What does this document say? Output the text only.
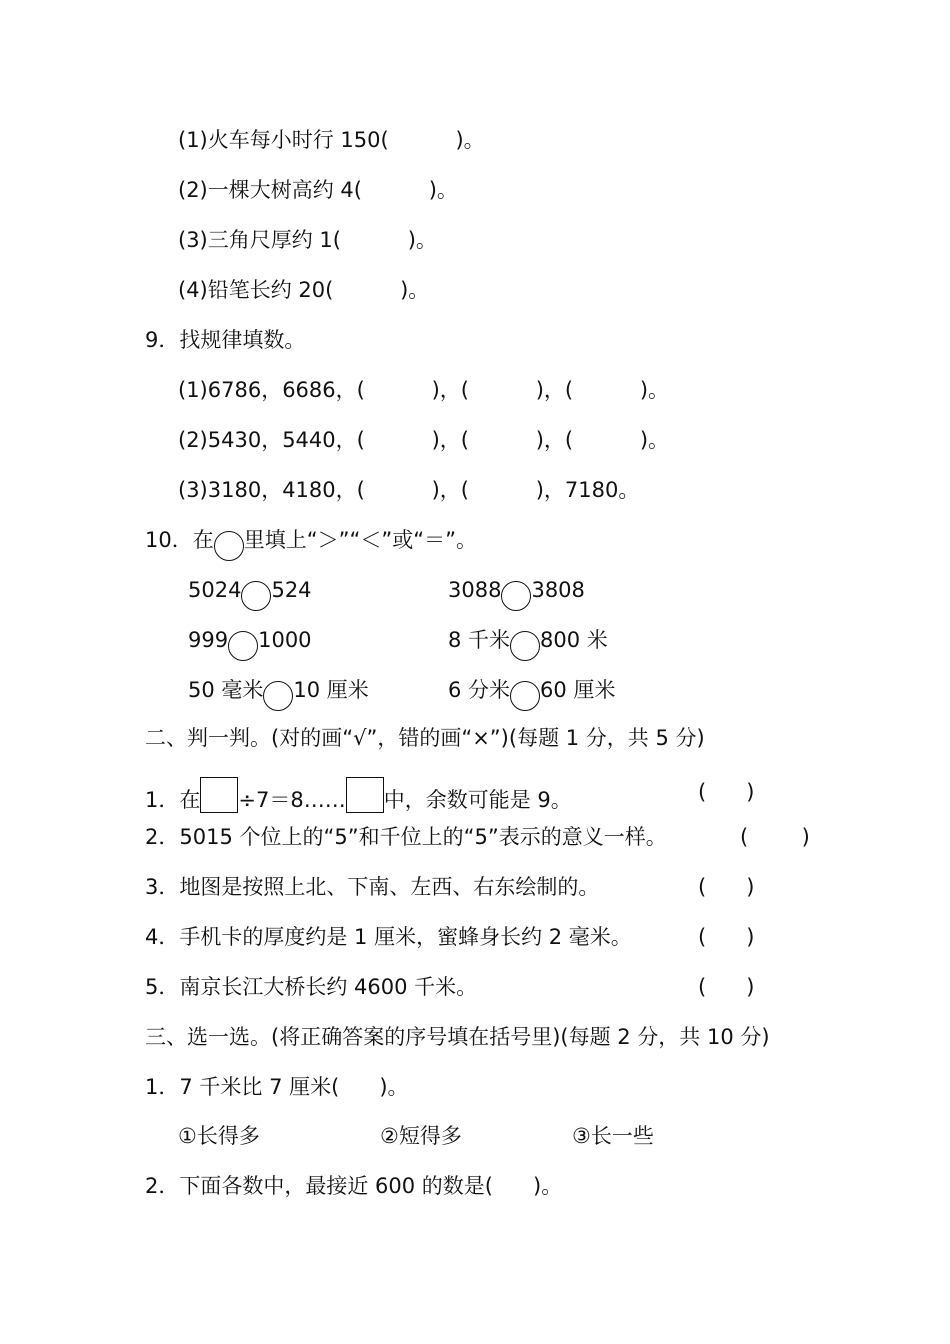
(1)火车每小时行 150(          )。
(2)一棵大树高约 4(          )。
(3)三角尺厚约 1(          )。
(4)铅笔长约 20(          )。
9．找规律填数。
(1)6786，6686，(          )，(          )，(          )。
(2)5430，5440，(          )，(          )，(          )。
(3)3180，4180，(          )，(          )，7180。
10．在 里填上“＞”“＜”或“＝”。
5024 524	3088 3808
999 1000	8 千米 800 米
50 毫米 10 厘米	6 分米 60 厘米
二、判一判。(对的画“√”，错的画“×”)(每题 1 分，共 5 分)
1．在 ÷7＝8…… 中，余数可能是 9。	(      )
2．5015 个位上的“5”和千位上的“5”表示的意义一样。	(        )
3．地图是按照上北、下南、左西、右东绘制的。	(      )
4．手机卡的厚度约是 1 厘米，蜜蜂身长约 2 毫米。	(      )
5．南京长江大桥长约 4600 千米。	(      )
三、选一选。(将正确答案的序号填在括号里)(每题 2 分，共 10 分)
1．7 千米比 7 厘米(      )。
①长得多	②短得多	③长一些
2．下面各数中，最接近 600 的数是(      )。
